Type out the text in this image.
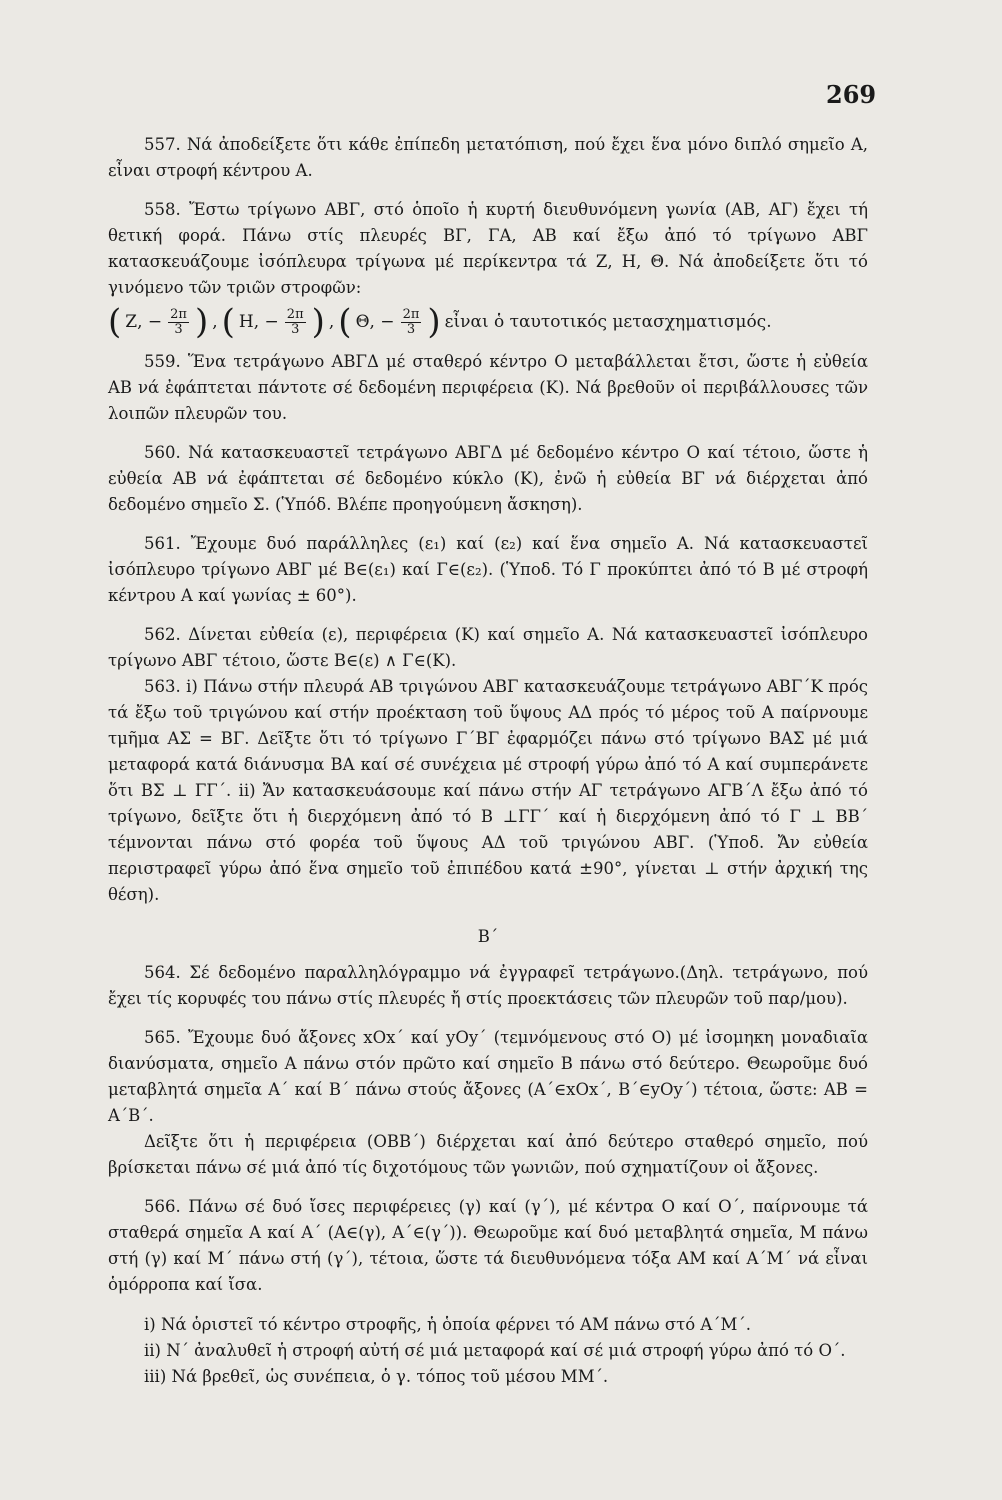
269

557. Νά ἀποδείξετε ὅτι κάθε ἐπίπεδη μετατόπιση, πού ἔχει ἕνα μόνο διπλό σημεῖο Α, εἶναι στροφή κέντρου Α.

558. Ἔστω τρίγωνο ΑΒΓ, στό ὁποῖο ἡ κυρτή διευθυνόμενη γωνία (ΑΒ, ΑΓ) ἔχει τή θετική φορά. Πάνω στίς πλευρές ΒΓ, ΓΑ, ΑΒ καί ἔξω ἀπό τό τρίγωνο ΑΒΓ κατασκευάζουμε ἰσόπλευρα τρίγωνα μέ περίκεντρα τά Ζ, Η, Θ. Νά ἀποδείξετε ὅτι τό γινόμενο τῶν τριῶν στροφῶν:

( Ζ, − $\frac{2\pi}{3}$ ) , ( Η, − $\frac{2\pi}{3}$ ) , ( Θ, − $\frac{2\pi}{3}$ ) εἶναι ὁ ταυτοτικός μετασχηματισμός.

559. Ἕνα τετράγωνο ΑΒΓΔ μέ σταθερό κέντρο Ο μεταβάλλεται ἔτσι, ὥστε ἡ εὐθεία ΑΒ νά ἐφάπτεται πάντοτε σέ δεδομένη περιφέρεια (Κ). Νά βρεθοῦν οἱ περιβάλλουσες τῶν λοιπῶν πλευρῶν του.

560. Νά κατασκευαστεῖ τετράγωνο ΑΒΓΔ μέ δεδομένο κέντρο Ο καί τέτοιο, ὥστε ἡ εὐθεία ΑΒ νά ἐφάπτεται σέ δεδομένο κύκλο (Κ), ἐνῶ ἡ εὐθεία ΒΓ νά διέρχεται ἀπό δεδομένο σημεῖο Σ. (Ὑπόδ. Βλέπε προηγούμενη ἄσκηση).

561. Ἔχουμε δυό παράλληλες (ε₁) καί (ε₂) καί ἕνα σημεῖο Α. Νά κατασκευαστεῖ ἰσόπλευρο τρίγωνο ΑΒΓ μέ Β∈(ε₁) καί Γ∈(ε₂). (Ὑποδ. Τό Γ προκύπτει ἀπό τό Β μέ στροφή κέντρου Α καί γωνίας ± 60°).

562. Δίνεται εὐθεία (ε), περιφέρεια (Κ) καί σημεῖο Α. Νά κατασκευαστεῖ ἰσόπλευρο τρίγωνο ΑΒΓ τέτοιο, ὥστε Β∈(ε) ∧ Γ∈(Κ).

563. i) Πάνω στήν πλευρά ΑΒ τριγώνου ΑΒΓ κατασκευάζουμε τετράγωνο ΑΒΓ΄Κ πρός τά ἔξω τοῦ τριγώνου καί στήν προέκταση τοῦ ὕψους ΑΔ πρός τό μέρος τοῦ Α παίρνουμε τμῆμα ΑΣ = ΒΓ. Δεῖξτε ὅτι τό τρίγωνο Γ΄ΒΓ ἐφαρμόζει πάνω στό τρίγωνο ΒΑΣ μέ μιά μεταφορά κατά διάνυσμα ΒΑ καί σέ συνέχεια μέ στροφή γύρω ἀπό τό Α καί συμπεράνετε ὅτι ΒΣ ⊥ ΓΓ΄. ii) Ἄν κατασκευάσουμε καί πάνω στήν ΑΓ τετράγωνο ΑΓΒ΄Λ ἔξω ἀπό τό τρίγωνο, δεῖξτε ὅτι ἡ διερχόμενη ἀπό τό Β ⊥ΓΓ΄ καί ἡ διερχόμενη ἀπό τό Γ ⊥ ΒΒ΄ τέμνονται πάνω στό φορέα τοῦ ὕψους ΑΔ τοῦ τριγώνου ΑΒΓ. (Ὑποδ. Ἄν εὐθεία περιστραφεῖ γύρω ἀπό ἕνα σημεῖο τοῦ ἐπιπέδου κατά ±90°, γίνεται ⊥ στήν ἀρχική της θέση).

Β΄

564. Σέ δεδομένο παραλληλόγραμμο νά ἐγγραφεῖ τετράγωνο.(Δηλ. τετράγωνο, πού ἔχει τίς κορυφές του πάνω στίς πλευρές ἤ στίς προεκτάσεις τῶν πλευρῶν τοῦ παρ/μου).

565. Ἔχουμε δυό ἄξονες xOx΄ καί yOy΄ (τεμνόμενους στό Ο) μέ ἰσομηκη μοναδιαῖα διανύσματα, σημεῖο Α πάνω στόν πρῶτο καί σημεῖο Β πάνω στό δεύτερο. Θεωροῦμε δυό μεταβλητά σημεῖα Α΄ καί Β΄ πάνω στούς ἄξονες (Α΄∈xOx΄, Β΄∈yOy΄) τέτοια, ὥστε: ΑΒ = Α΄Β΄.

Δεῖξτε ὅτι ἡ περιφέρεια (ΟΒΒ΄) διέρχεται καί ἀπό δεύτερο σταθερό σημεῖο, πού βρίσκεται πάνω σέ μιά ἀπό τίς διχοτόμους τῶν γωνιῶν, πού σχηματίζουν οἱ ἄξονες.

566. Πάνω σέ δυό ἴσες περιφέρειες (γ) καί (γ΄), μέ κέντρα Ο καί Ο΄, παίρνουμε τά σταθερά σημεῖα Α καί Α΄ (Α∈(γ), Α΄∈(γ΄)). Θεωροῦμε καί δυό μεταβλητά σημεῖα, Μ πάνω στή (γ) καί Μ΄ πάνω στή (γ΄), τέτοια, ὥστε τά διευθυνόμενα τόξα ΑΜ καί Α΄Μ΄ νά εἶναι ὁμόρροπα καί ἴσα.

i) Νά ὁριστεῖ τό κέντρο στροφῆς, ἡ ὁποία φέρνει τό ΑΜ πάνω στό Α΄Μ΄.

ii) Ν΄ ἀναλυθεῖ ἡ στροφή αὐτή σέ μιά μεταφορά καί σέ μιά στροφή γύρω ἀπό τό Ο΄.

iii) Νά βρεθεῖ, ὡς συνέπεια, ὁ γ. τόπος τοῦ μέσου ΜΜ΄.
